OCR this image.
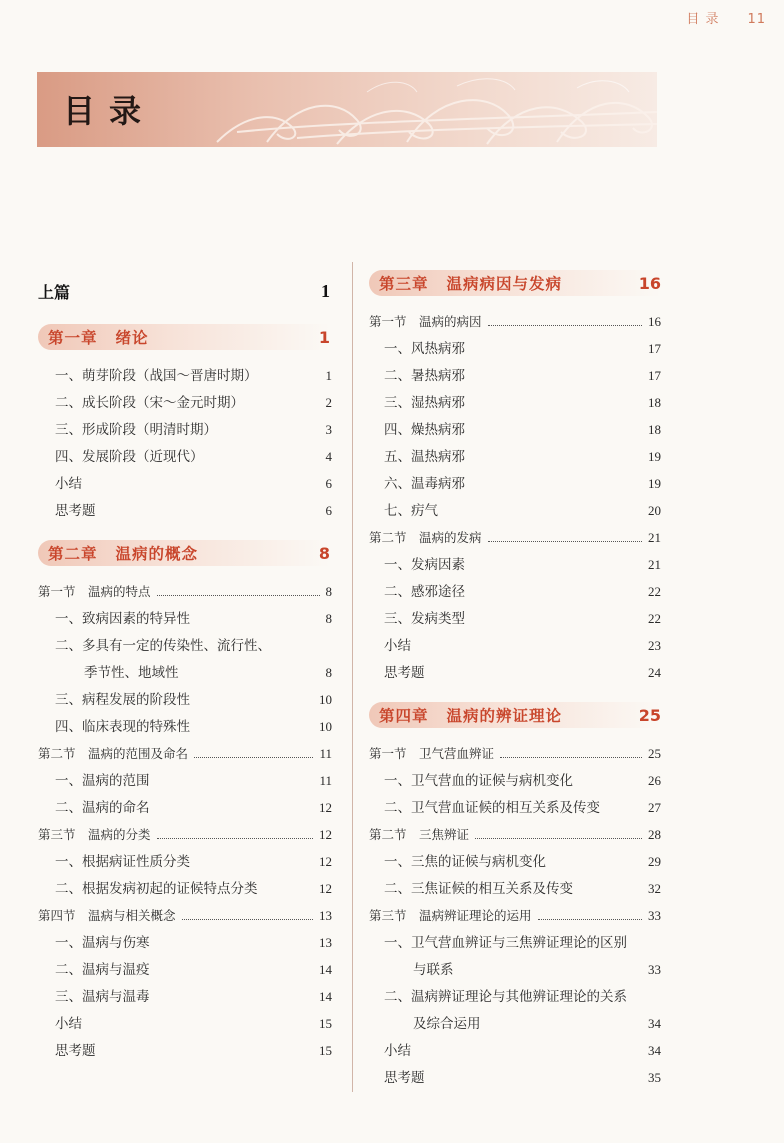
目 录 11
目录
上篇	1
第一章 绪论	1
一、萌芽阶段（战国～晋唐时期）	1
二、成长阶段（宋～金元时期）	2
三、形成阶段（明清时期）	3
四、发展阶段（近现代）	4
小结	6
思考题	6
第二章 温病的概念	8
第一节　温病的特点	8
一、致病因素的特异性	8
二、多具有一定的传染性、流行性、
季节性、地域性	8
三、病程发展的阶段性	10
四、临床表现的特殊性	10
第二节　温病的范围及命名	11
一、温病的范围	11
二、温病的命名	12
第三节　温病的分类	12
一、根据病证性质分类	12
二、根据发病初起的证候特点分类	12
第四节　温病与相关概念	13
一、温病与伤寒	13
二、温病与温疫	14
三、温病与温毒	14
小结	15
思考题	15
第三章 温病病因与发病	16
第一节　温病的病因	16
一、风热病邪	17
二、暑热病邪	17
三、湿热病邪	18
四、燥热病邪	18
五、温热病邪	19
六、温毒病邪	19
七、疠气	20
第二节　温病的发病	21
一、发病因素	21
二、感邪途径	22
三、发病类型	22
小结	23
思考题	24
第四章 温病的辨证理论	25
第一节　卫气营血辨证	25
一、卫气营血的证候与病机变化	26
二、卫气营血证候的相互关系及传变	27
第二节　三焦辨证	28
一、三焦的证候与病机变化	29
二、三焦证候的相互关系及传变	32
第三节　温病辨证理论的运用	33
一、卫气营血辨证与三焦辨证理论的区别
与联系	33
二、温病辨证理论与其他辨证理论的关系
及综合运用	34
小结	34
思考题	35
